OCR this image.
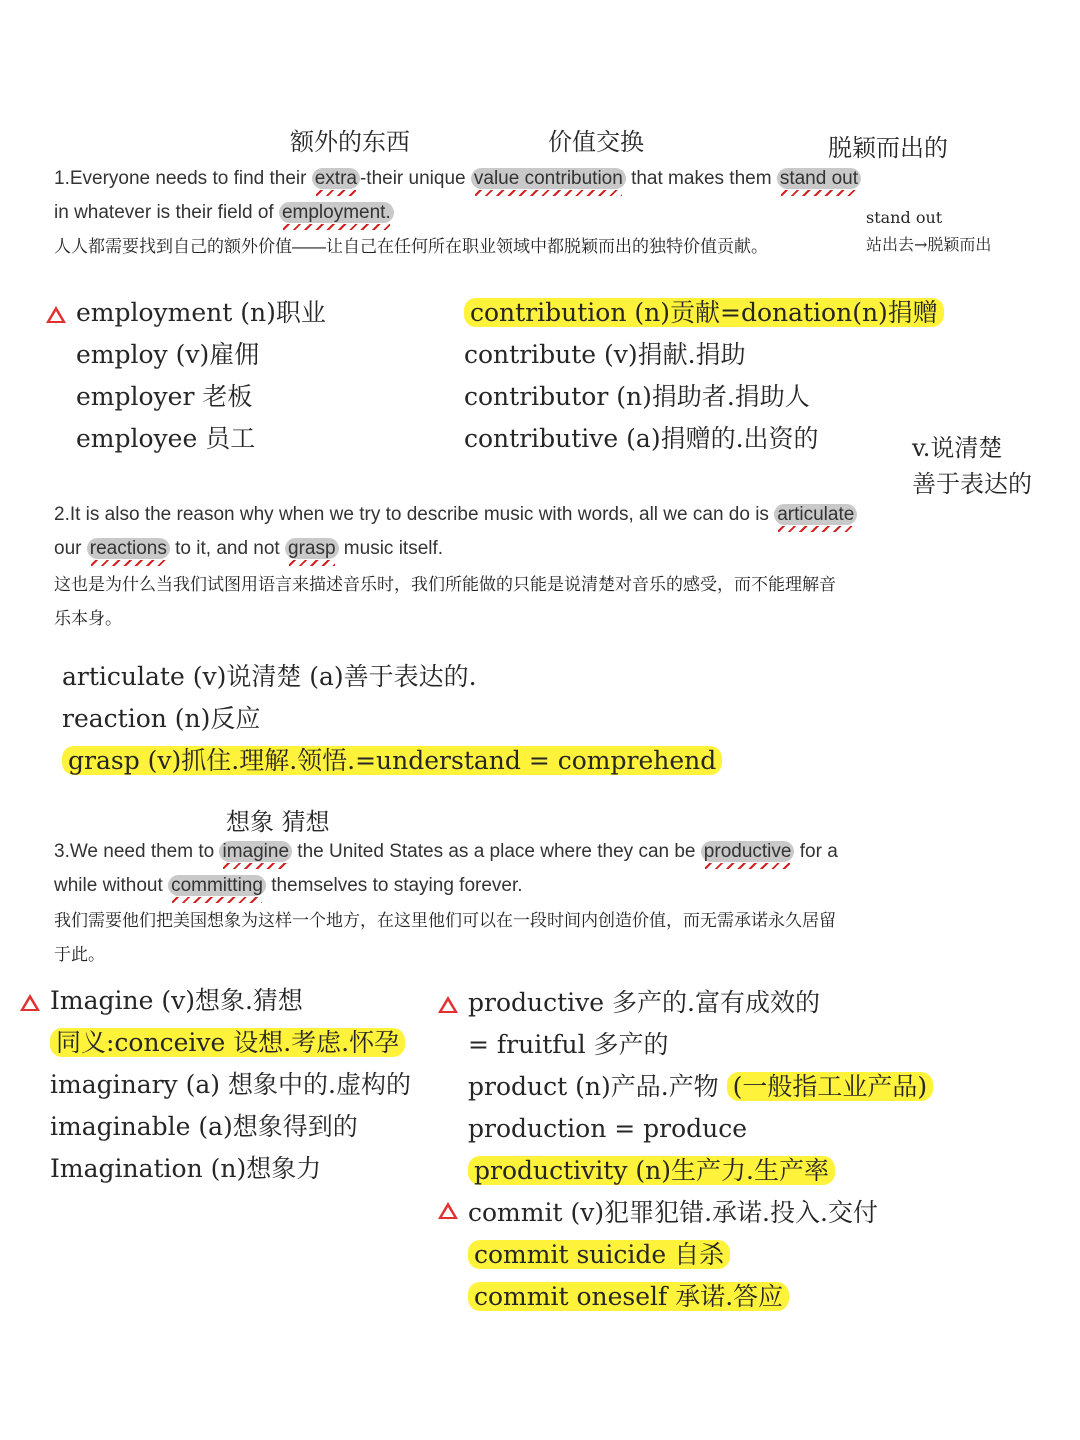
额外的东西	价值交换	脱颖而出的
1.Everyone needs to find their extra -their unique value contribution that makes them stand out
in whatever is their field of employment.
人人都需要找到自己的额外价值——让自己在任何所在职业领域中都脱颖而出的独特价值贡献。
stand out
站出去→脱颖而出
employment (n)职业
employ (v)雇佣
employer 老板
employee 员工
contribution (n)贡献=donation(n)捐赠
contribute (v)捐献.捐助
contributor (n)捐助者.捐助人
contributive (a)捐赠的.出资的	v.说清楚
善于表达的
2.It is also the reason why when we try to describe music with words, all we can do is articulate
our reactions to it, and not grasp music itself.
这也是为什么当我们试图用语言来描述音乐时，我们所能做的只能是说清楚对音乐的感受，而不能理解音
乐本身。
articulate (v)说清楚 (a)善于表达的.
reaction (n)反应
grasp (v)抓住.理解.领悟.=understand = comprehend
想象 猜想
3.We need them to imagine the United States as a place where they can be productive for a
while without committing themselves to staying forever.
我们需要他们把美国想象为这样一个地方，在这里他们可以在一段时间内创造价值，而无需承诺永久居留
于此。
Imagine (v)想象.猜想
同义:conceive 设想.考虑.怀孕
imaginary (a) 想象中的.虚构的
imaginable (a)想象得到的
Imagination (n)想象力
productive 多产的.富有成效的
= fruitful 多产的
product (n)产品.产物 (一般指工业产品)
production = produce
productivity (n)生产力.生产率
commit (v)犯罪犯错.承诺.投入.交付
commit suicide 自杀
commit oneself 承诺.答应
